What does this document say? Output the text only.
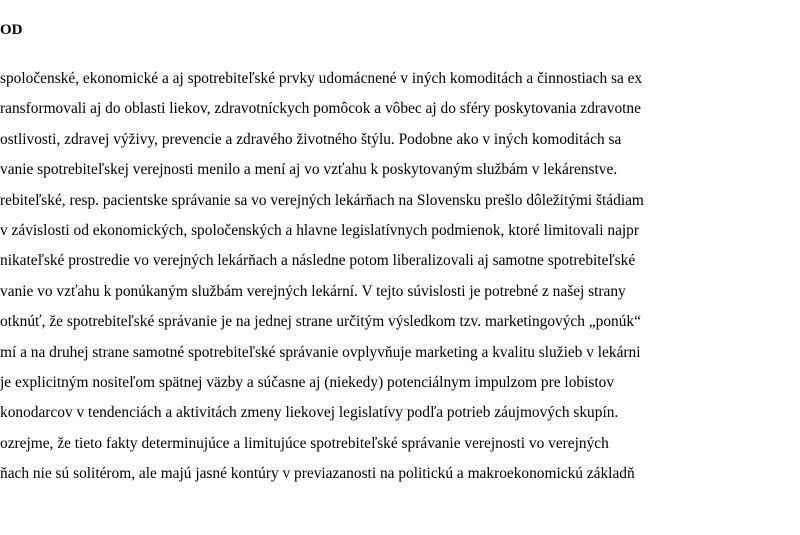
OD
spoločenské, ekonomické a aj spotrebiteľské prvky udomácnené v iných komoditách a činnostiach sa ex
ransformovali aj do oblasti liekov, zdravotníckych pomôcok a vôbec aj do sféry poskytovania zdravotne
ostlivosti, zdravej výživy, prevencie a zdravého životného štýlu. Podobne ako v iných komoditách sa
vanie spotrebiteľskej verejnosti menilo a mení aj vo vzťahu k poskytovaným službám v lekárenstve.
rebiteľské, resp. pacientske správanie sa vo verejných lekárňach na Slovensku prešlo dôležitými štádiam
v závislosti od ekonomických, spoločenských a hlavne legislatívnych podmienok, ktoré limitovali najpr
nikateľské prostredie vo verejných lekárňach a následne potom liberalizovali aj samotne spotrebiteľské
vanie vo vzťahu k ponúkaným službám verejných lekární. V tejto súvislosti je potrebné z našej strany
otknúť, že spotrebiteľské správanie je na jednej strane určitým výsledkom tzv. marketingových „ponúk“
mí a na druhej strane samotné spotrebiteľské správanie ovplyvňuje marketing a kvalitu služieb v lekárni
je explicitným nositeľom spätnej väzby a súčasne aj (niekedy) potenciálnym impulzom pre lobistov
konodarcov v tendenciách a aktivitách zmeny liekovej legislatívy podľa potrieb záujmových skupín.
ozrejme, že tieto fakty determinujúce a limitujúce spotrebiteľské správanie verejnosti vo verejných
ňach nie sú solitérom, ale majú jasné kontúry v previazanosti na politickú a makroekonomickú základň
